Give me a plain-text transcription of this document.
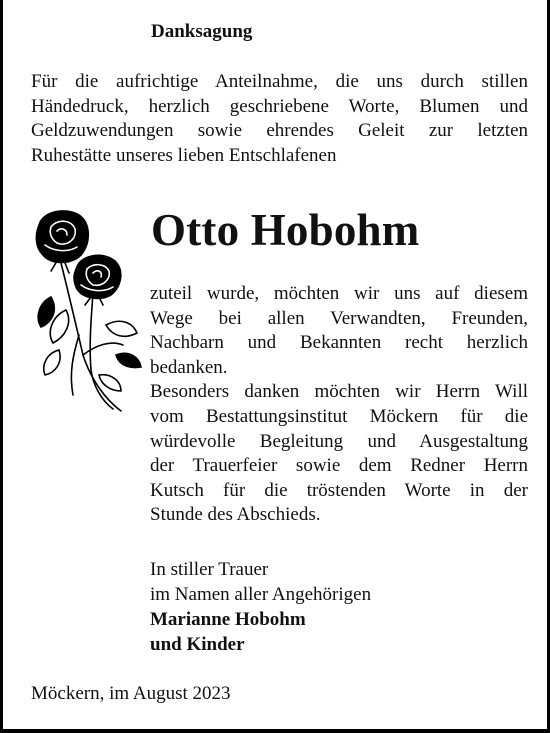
Danksagung
Für die aufrichtige Anteilnahme, die uns durch stillen
Händedruck, herzlich geschriebene Worte, Blumen und
Geldzuwendungen sowie ehrendes Geleit zur letzten
Ruhestätte unseres lieben Entschlafenen
Otto Hobohm
zuteil wurde, möchten wir uns auf diesem
Wege bei allen Verwandten, Freunden,
Nachbarn und Bekannten recht herzlich
bedanken.
Besonders danken möchten wir Herrn Will
vom Bestattungsinstitut Möckern für die
würdevolle Begleitung und Ausgestaltung
der Trauerfeier sowie dem Redner Herrn
Kutsch für die tröstenden Worte in der
Stunde des Abschieds.
In stiller Trauer
im Namen aller Angehörigen
Marianne Hobohm
und Kinder
Möckern, im August 2023
